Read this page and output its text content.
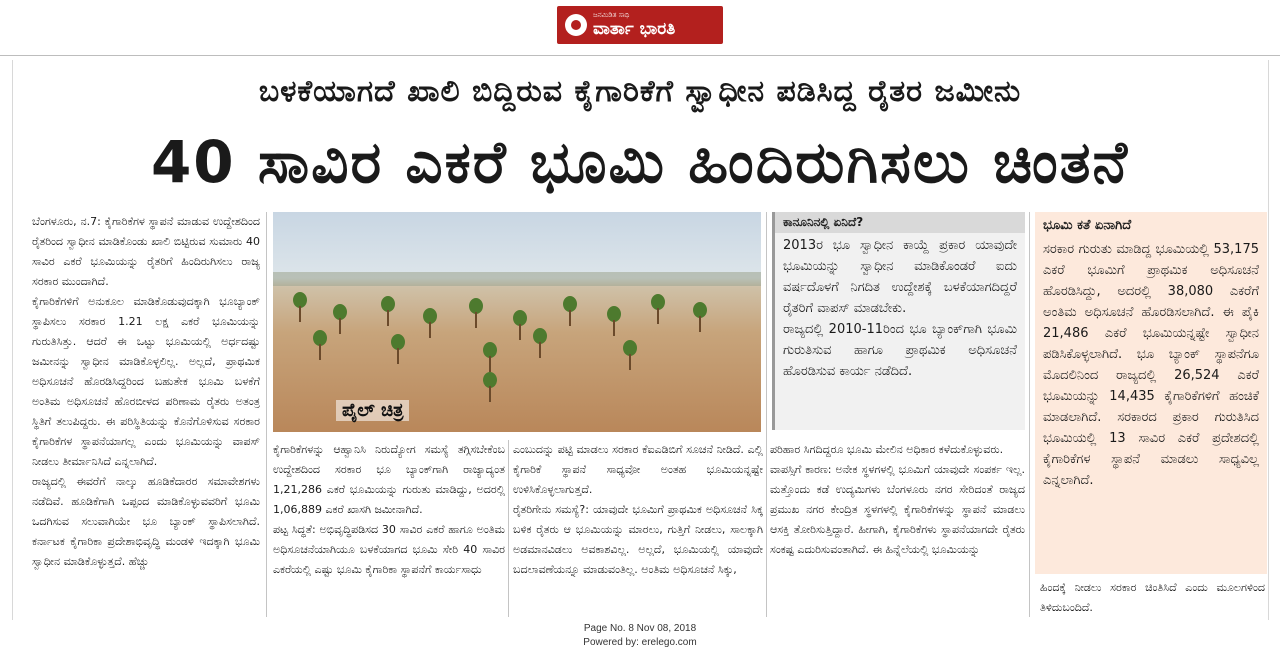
ಜನಮಿಡಿತ ಸಾಥಿ
ವಾರ್ತಾ ಭಾರತಿ
ಬಳಕೆಯಾಗದೆ ಖಾಲಿ ಬಿದ್ದಿರುವ ಕೈಗಾರಿಕೆಗೆ ಸ್ವಾಧೀನ ಪಡಿಸಿದ್ದ ರೈತರ ಜಮೀನು
40 ಸಾವಿರ ಎಕರೆ ಭೂಮಿ ಹಿಂದಿರುಗಿಸಲು ಚಿಂತನೆ

ಬೆಂಗಳೂರು, ನ.7: ಕೈಗಾರಿಕೆಗಳ ಸ್ಥಾಪನೆ ಮಾಡುವ ಉದ್ದೇಶದಿಂದ ರೈತರಿಂದ ಸ್ವಾಧೀನ ಮಾಡಿಕೊಂಡು ಖಾಲಿ ಬಿಟ್ಟಿರುವ ಸುಮಾರು 40 ಸಾವಿರ ಎಕರೆ ಭೂಮಿಯನ್ನು ರೈತರಿಗೆ ಹಿಂದಿರುಗಿಸಲು ರಾಜ್ಯ ಸರಕಾರ ಮುಂದಾಗಿದೆ.

ಕೈಗಾರಿಕೆಗಳಿಗೆ ಅನುಕೂಲ ಮಾಡಿಕೊಡುವುದಕ್ಕಾಗಿ ಭೂಬ್ಯಾಂಕ್ ಸ್ಥಾಪಿಸಲು ಸರಕಾರ 1.21 ಲಕ್ಷ ಎಕರೆ ಭೂಮಿಯನ್ನು ಗುರುತಿಸಿತ್ತು. ಆದರೆ ಈ ಒಟ್ಟು ಭೂಮಿಯಲ್ಲಿ ಅರ್ಧದಷ್ಟು ಜಮೀನನ್ನು ಸ್ವಾಧೀನ ಮಾಡಿಕೊಳ್ಳಲಿಲ್ಲ. ಅಲ್ಲದೆ, ಪ್ರಾಥಮಿಕ ಅಧಿಸೂಚನೆ ಹೊರಡಿಸಿದ್ದರಿಂದ ಬಹುತೇಕ ಭೂಮಿ ಬಳಕೆಗೆ ಅಂತಿಮ ಅಧಿಸೂಚನೆ ಹೊರಬೀಳದ ಪರಿಣಾಮ ರೈತರು ಅತಂತ್ರ ಸ್ಥಿತಿಗೆ ತಲುಪಿದ್ದರು. ಈ ಪರಿಸ್ಥಿತಿಯನ್ನು ಕೊನೆಗೊಳಿಸುವ ಸರಕಾರ ಕೈಗಾರಿಕೆಗಳ ಸ್ಥಾಪನೆಯಾಗಲ್ಲ ಎಂದು ಭೂಮಿಯನ್ನು ವಾಪಸ್ ನೀಡಲು ತೀರ್ಮಾನಿಸಿದೆ ಎನ್ನಲಾಗಿದೆ.

ರಾಜ್ಯದಲ್ಲಿ ಈವರೆಗೆ ನಾಲ್ಕು ಹೂಡಿಕೆದಾರರ ಸಮಾವೇಶಗಳು ನಡೆದಿವೆ. ಹೂಡಿಕೆಗಾಗಿ ಒಪ್ಪಂದ ಮಾಡಿಕೊಳ್ಳುವವರಿಗೆ ಭೂಮಿ ಒದಗಿಸುವ ಸಲುವಾಗಿಯೇ ಭೂ ಬ್ಯಾಂಕ್ ಸ್ಥಾಪಿಸಲಾಗಿದೆ. ಕರ್ನಾಟಕ ಕೈಗಾರಿಕಾ ಪ್ರದೇಶಾಭಿವೃದ್ಧಿ ಮಂಡಳಿ ಇದಕ್ಕಾಗಿ ಭೂಮಿ ಸ್ವಾಧೀನ ಮಾಡಿಕೊಳ್ಳುತ್ತದೆ. ಹೆಚ್ಚು

ಪೈಲ್ ಚಿತ್ರ

ಕೈಗಾರಿಕೆಗಳನ್ನು ಆಹ್ವಾನಿಸಿ ನಿರುದ್ಯೋಗ ಸಮಸ್ಯೆ ತಗ್ಗಿಸಬೇಕೆಂಬ ಉದ್ದೇಶದಿಂದ ಸರಕಾರ ಭೂ ಬ್ಯಾಂಕ್‌ಗಾಗಿ ರಾಜ್ಯಾದ್ಯಂತ 1,21,286 ಎಕರೆ ಭೂಮಿಯನ್ನು ಗುರುತು ಮಾಡಿದ್ದು, ಅದರಲ್ಲಿ 1,06,889 ಎಕರೆ ಖಾಸಗಿ ಜಮೀನಾಗಿದೆ.

ಪಟ್ಟ ಸಿದ್ಧತೆ: ಅಭಿವೃದ್ಧಿಪಡಿಸದ 30 ಸಾವಿರ ಎಕರೆ ಹಾಗೂ ಅಂತಿಮ ಅಧಿಸೂಚನೆಯಾಗಿಯೂ ಬಳಕೆಯಾಗದ ಭೂಮಿ ಸೇರಿ 40 ಸಾವಿರ ಎಕರೆಯಲ್ಲಿ ಎಷ್ಟು ಭೂಮಿ ಕೈಗಾರಿಕಾ ಸ್ಥಾಪನೆಗೆ ಕಾರ್ಯಸಾಧು

ಎಂಬುದನ್ನು ಪಟ್ಟಿ ಮಾಡಲು ಸರಕಾರ ಕೆಐಎಡಿಬಿಗೆ ಸೂಚನೆ ನೀಡಿದೆ. ಎಲ್ಲಿ ಕೈಗಾರಿಕೆ ಸ್ಥಾಪನೆ ಸಾಧ್ಯವೋ ಅಂತಹ ಭೂಮಿಯನ್ನಷ್ಟೇ ಉಳಿಸಿಕೊಳ್ಳಲಾಗುತ್ತದೆ.

ರೈತರಿಗೇನು ಸಮಸ್ಯೆ?: ಯಾವುದೇ ಭೂಮಿಗೆ ಪ್ರಾಥಮಿಕ ಅಧಿಸೂಚನೆ ಸಿಕ್ಕ ಬಳಿಕ ರೈತರು ಆ ಭೂಮಿಯನ್ನು ಮಾರಲು, ಗುತ್ತಿಗೆ ನೀಡಲು, ಸಾಲಕ್ಕಾಗಿ ಅಡಮಾನವಿಡಲು ಅವಕಾಶವಿಲ್ಲ. ಅಲ್ಲದೆ, ಭೂಮಿಯಲ್ಲಿ ಯಾವುದೇ ಬದಲಾವಣೆಯನ್ನೂ ಮಾಡುವಂತಿಲ್ಲ. ಅಂತಿಮ ಅಧಿಸೂಚನೆ ಸಿಕ್ಕು,

ಪರಿಹಾರ ಸಿಗದಿದ್ದರೂ ಭೂಮಿ ಮೇಲಿನ ಅಧಿಕಾರ ಕಳೆದುಕೊಳ್ಳುವರು.

ವಾಪಸ್ಸಿಗೆ ಕಾರಣ: ಅನೇಕ ಸ್ಥಳಗಳಲ್ಲಿ ಭೂಮಿಗೆ ಯಾವುದೇ ಸಂಪರ್ಕ ಇಲ್ಲ. ಮತ್ತೊಂದು ಕಡೆ ಉದ್ಯಮಿಗಳು ಬೆಂಗಳೂರು ನಗರ ಸೇರಿದಂತೆ ರಾಜ್ಯದ ಪ್ರಮುಖ ನಗರ ಕೇಂದ್ರಿತ ಸ್ಥಳಗಳಲ್ಲಿ ಕೈಗಾರಿಕೆಗಳನ್ನು ಸ್ಥಾಪನೆ ಮಾಡಲು ಆಸಕ್ತಿ ತೋರಿಸುತ್ತಿದ್ದಾರೆ. ಹೀಗಾಗಿ, ಕೈಗಾರಿಕೆಗಳು ಸ್ಥಾಪನೆಯಾಗದೇ ರೈತರು ಸಂಕಷ್ಟ ಎದುರಿಸುವಂತಾಗಿದೆ. ಈ ಹಿನ್ನೆಲೆಯಲ್ಲಿ ಭೂಮಿಯನ್ನು

ಕಾನೂನಿನಲ್ಲಿ ಏನಿದೆ?
2013ರ ಭೂ ಸ್ವಾಧೀನ ಕಾಯ್ದೆ ಪ್ರಕಾರ ಯಾವುದೇ ಭೂಮಿಯನ್ನು ಸ್ವಾಧೀನ ಮಾಡಿಕೊಂಡರೆ ಐದು ವರ್ಷದೊಳಗೆ ನಿಗದಿತ ಉದ್ದೇಶಕ್ಕೆ ಬಳಕೆಯಾಗದಿದ್ದರೆ ರೈತರಿಗೆ ವಾಪಸ್ ಮಾಡಬೇಕು.
ರಾಜ್ಯದಲ್ಲಿ 2010-11ರಿಂದ ಭೂ ಬ್ಯಾಂಕ್‌ಗಾಗಿ ಭೂಮಿ ಗುರುತಿಸುವ ಹಾಗೂ ಪ್ರಾಥಮಿಕ ಅಧಿಸೂಚನೆ ಹೊರಡಿಸುವ ಕಾರ್ಯ ನಡೆದಿದೆ.
ಭೂಮಿ ಕತೆ ಏನಾಗಿದೆ
ಸರಕಾರ ಗುರುತು ಮಾಡಿದ್ದ ಭೂಮಿಯಲ್ಲಿ 53,175 ಎಕರೆ ಭೂಮಿಗೆ ಪ್ರಾಥಮಿಕ ಅಧಿಸೂಚನೆ ಹೊರಡಿಸಿದ್ದು, ಅದರಲ್ಲಿ 38,080 ಎಕರೆಗೆ ಅಂತಿಮ ಅಧಿಸೂಚನೆ ಹೊರಡಿಸಲಾಗಿದೆ. ಈ ಪೈಕಿ 21,486 ಎಕರೆ ಭೂಮಿಯನ್ನಷ್ಟೇ ಸ್ವಾಧೀನ ಪಡಿಸಿಕೊಳ್ಳಲಾಗಿದೆ. ಭೂ ಬ್ಯಾಂಕ್ ಸ್ಥಾಪನೆಗೂ ಮೊದಲಿನಿಂದ ರಾಜ್ಯದಲ್ಲಿ 26,524 ಎಕರೆ ಭೂಮಿಯನ್ನು 14,435 ಕೈಗಾರಿಕೆಗಳಿಗೆ ಹಂಚಿಕೆ ಮಾಡಲಾಗಿದೆ. ಸರಕಾರದ ಪ್ರಕಾರ ಗುರುತಿಸಿದ ಭೂಮಿಯಲ್ಲಿ 13 ಸಾವಿರ ಎಕರೆ ಪ್ರದೇಶದಲ್ಲಿ ಕೈಗಾರಿಕೆಗಳ ಸ್ಥಾಪನೆ ಮಾಡಲು ಸಾಧ್ಯವಿಲ್ಲ ಎನ್ನಲಾಗಿದೆ.

ಹಿಂದಕ್ಕೆ ನೀಡಲು ಸರಕಾರ ಚಿಂತಿಸಿದೆ ಎಂದು ಮೂಲಗಳಿಂದ ತಿಳಿದುಬಂದಿದೆ.

Page No. 8 Nov 08, 2018
Powered by: erelego.com
